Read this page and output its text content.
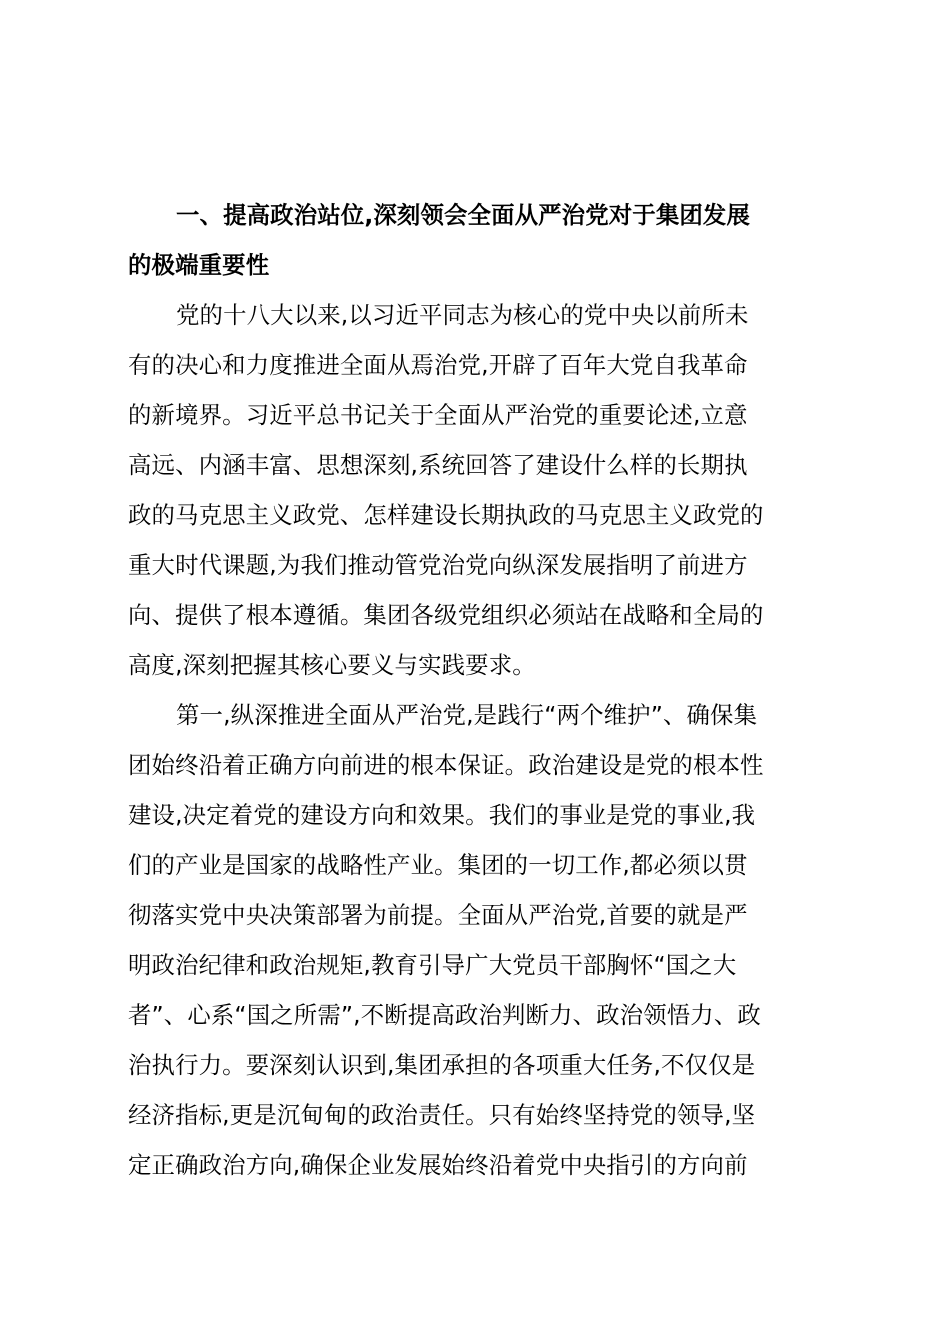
一、提高政治站位,深刻领会全面从严治党对于集团发展
的极端重要性
党的十八大以来,以习近平同志为核心的党中央以前所未
有的决心和力度推进全面从焉治党,开辟了百年大党自我革命
的新境界。习近平总书记关于全面从严治党的重要论述,立意
高远、内涵丰富、思想深刻,系统回答了建设什么样的长期执
政的马克思主义政党、怎样建设长期执政的马克思主义政党的
重大时代课题,为我们推动管党治党向纵深发展指明了前进方
向、提供了根本遵循。集团各级党组织必须站在战略和全局的
高度,深刻把握其核心要义与实践要求。
第一,纵深推进全面从严治党,是践行“两个维护”、确保集
团始终沿着正确方向前进的根本保证。政治建设是党的根本性
建设,决定着党的建设方向和效果。我们的事业是党的事业,我
们的产业是国家的战略性产业。集团的一切工作,都必须以贯
彻落实党中央决策部署为前提。全面从严治党,首要的就是严
明政治纪律和政治规矩,教育引导广大党员干部胸怀“国之大
者”、心系“国之所需”,不断提高政治判断力、政治领悟力、政
治执行力。要深刻认识到,集团承担的各项重大任务,不仅仅是
经济指标,更是沉甸甸的政治责任。只有始终坚持党的领导,坚
定正确政治方向,确保企业发展始终沿着党中央指引的方向前
